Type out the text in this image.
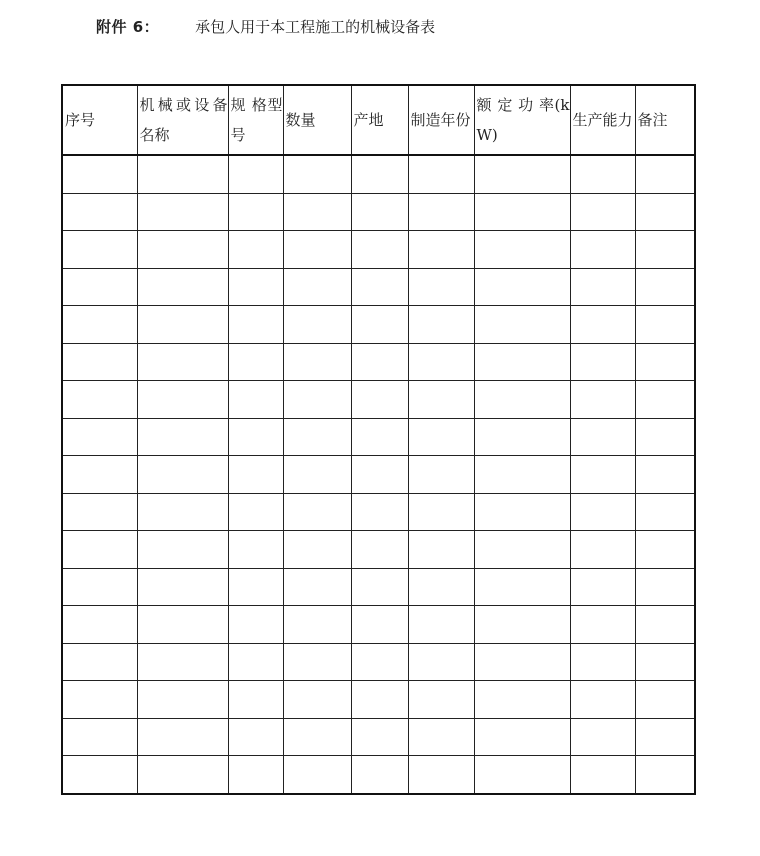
附件 6： 承包人用于本工程施工的机械设备表
序号	机械或设备名称	规 格型号	数量	产地	制造年份	额 定 功 率(kW)	生产能力	备注
